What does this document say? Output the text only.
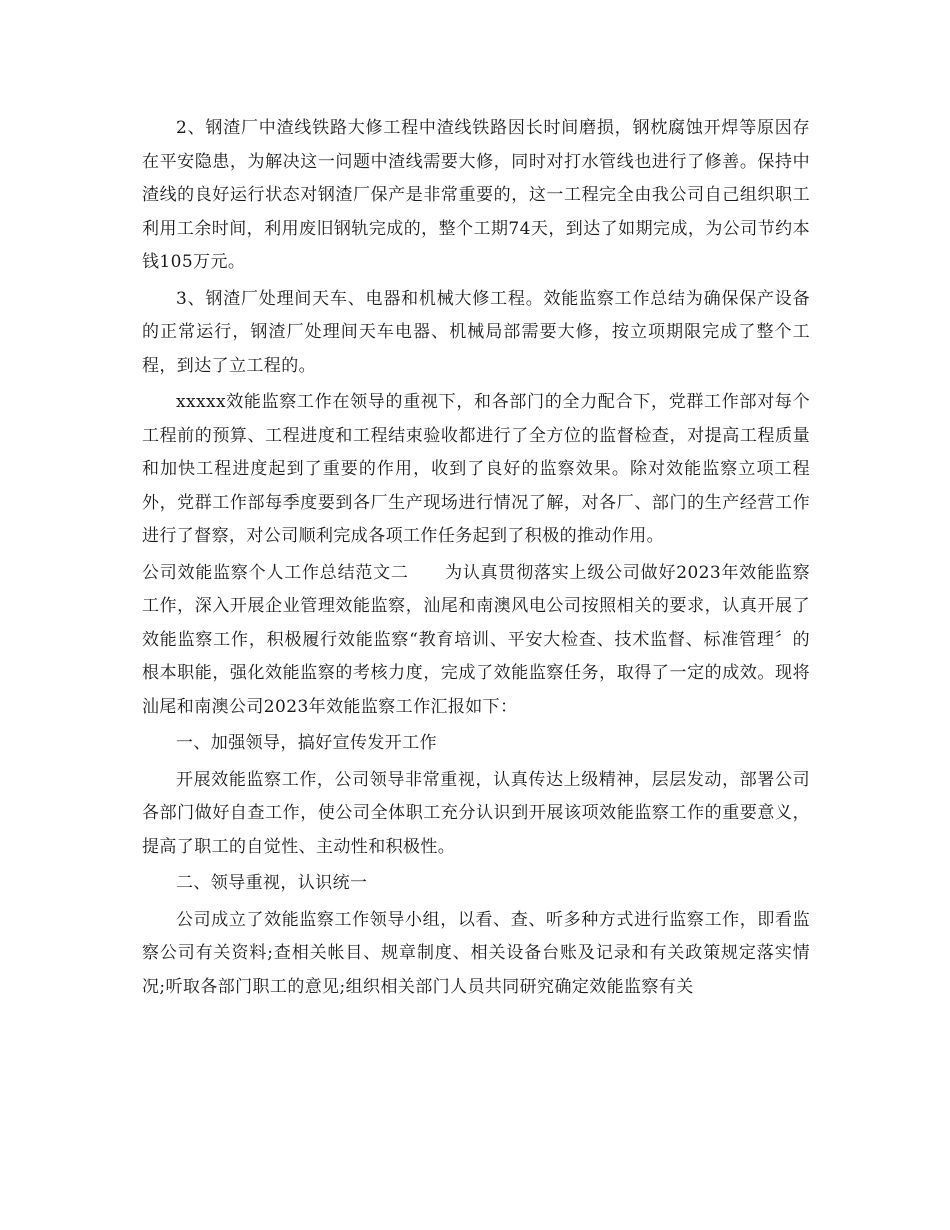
2、钢渣厂中渣线铁路大修工程中渣线铁路因长时间磨损，钢枕腐蚀开焊等原因存在平安隐患，为解决这一问题中渣线需要大修，同时对打水管线也进行了修善。保持中渣线的良好运行状态对钢渣厂保产是非常重要的，这一工程完全由我公司自己组织职工利用工余时间，利用废旧钢轨完成的，整个工期74天，到达了如期完成，为公司节约本钱105万元。

3、钢渣厂处理间天车、电器和机械大修工程。效能监察工作总结为确保保产设备的正常运行，钢渣厂处理间天车电器、机械局部需要大修，按立项期限完成了整个工程，到达了立工程的。

xxxxx效能监察工作在领导的重视下，和各部门的全力配合下，党群工作部对每个工程前的预算、工程进度和工程结束验收都进行了全方位的监督检查，对提高工程质量和加快工程进度起到了重要的作用，收到了良好的监察效果。除对效能监察立项工程外，党群工作部每季度要到各厂生产现场进行情况了解，对各厂、部门的生产经营工作进行了督察，对公司顺利完成各项工作任务起到了积极的推动作用。

公司效能监察个人工作总结范文二 为认真贯彻落实上级公司做好2023年效能监察工作，深入开展企业管理效能监察，汕尾和南澳风电公司按照相关的要求，认真开展了效能监察工作，积极履行效能监察“教育培训、平安大检查、技术监督、标准管理〞的根本职能，强化效能监察的考核力度，完成了效能监察任务，取得了一定的成效。现将汕尾和南澳公司2023年效能监察工作汇报如下：

一、加强领导，搞好宣传发开工作

开展效能监察工作，公司领导非常重视，认真传达上级精神，层层发动，部署公司各部门做好自查工作，使公司全体职工充分认识到开展该项效能监察工作的重要意义，提高了职工的自觉性、主动性和积极性。

二、领导重视，认识统一

公司成立了效能监察工作领导小组，以看、查、听多种方式进行监察工作，即看监察公司有关资料;查相关帐目、规章制度、相关设备台账及记录和有关政策规定落实情况;听取各部门职工的意见;组织相关部门人员共同研究确定效能监察有关
